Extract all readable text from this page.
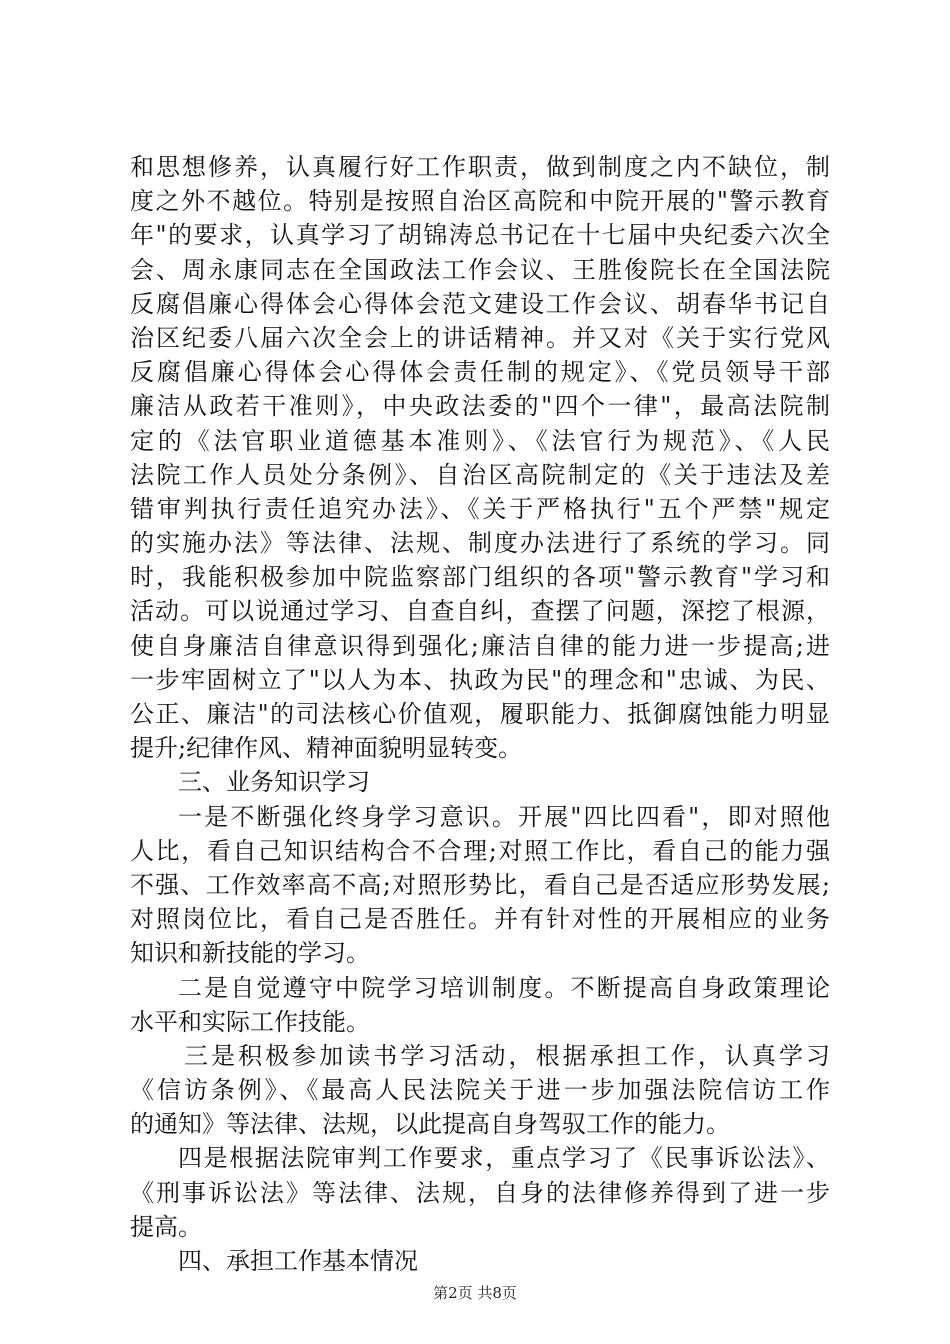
和思想修养，认真履行好工作职责，做到制度之内不缺位，制
度之外不越位。特别是按照自治区高院和中院开展的"警示教育
年"的要求，认真学习了胡锦涛总书记在十七届中央纪委六次全
会、周永康同志在全国政法工作会议、王胜俊院长在全国法院
反腐倡廉心得体会心得体会范文建设工作会议、胡春华书记自
治区纪委八届六次全会上的讲话精神。并又对《关于实行党风
反腐倡廉心得体会心得体会责任制的规定》、《党员领导干部
廉洁从政若干准则》，中央政法委的"四个一律"，最高法院制
定的《法官职业道德基本准则》、《法官行为规范》、《人民
法院工作人员处分条例》、自治区高院制定的《关于违法及差
错审判执行责任追究办法》、《关于严格执行"五个严禁"规定
的实施办法》等法律、法规、制度办法进行了系统的学习。同
时，我能积极参加中院监察部门组织的各项"警示教育"学习和
活动。可以说通过学习、自查自纠，查摆了问题，深挖了根源，
使自身廉洁自律意识得到强化;廉洁自律的能力进一步提高;进
一步牢固树立了"以人为本、执政为民"的理念和"忠诚、为民、
公正、廉洁"的司法核心价值观，履职能力、抵御腐蚀能力明显
提升;纪律作风、精神面貌明显转变。
三、业务知识学习
一是不断强化终身学习意识。开展"四比四看"，即对照他
人比，看自己知识结构合不合理;对照工作比，看自己的能力强
不强、工作效率高不高;对照形势比，看自己是否适应形势发展;
对照岗位比，看自己是否胜任。并有针对性的开展相应的业务
知识和新技能的学习。
二是自觉遵守中院学习培训制度。不断提高自身政策理论
水平和实际工作技能。
三是积极参加读书学习活动，根据承担工作，认真学习
《信访条例》、《最高人民法院关于进一步加强法院信访工作
的通知》等法律、法规，以此提高自身驾驭工作的能力。
四是根据法院审判工作要求，重点学习了《民事诉讼法》、
《刑事诉讼法》等法律、法规，自身的法律修养得到了进一步
提高。
四、承担工作基本情况
第2页 共8页
